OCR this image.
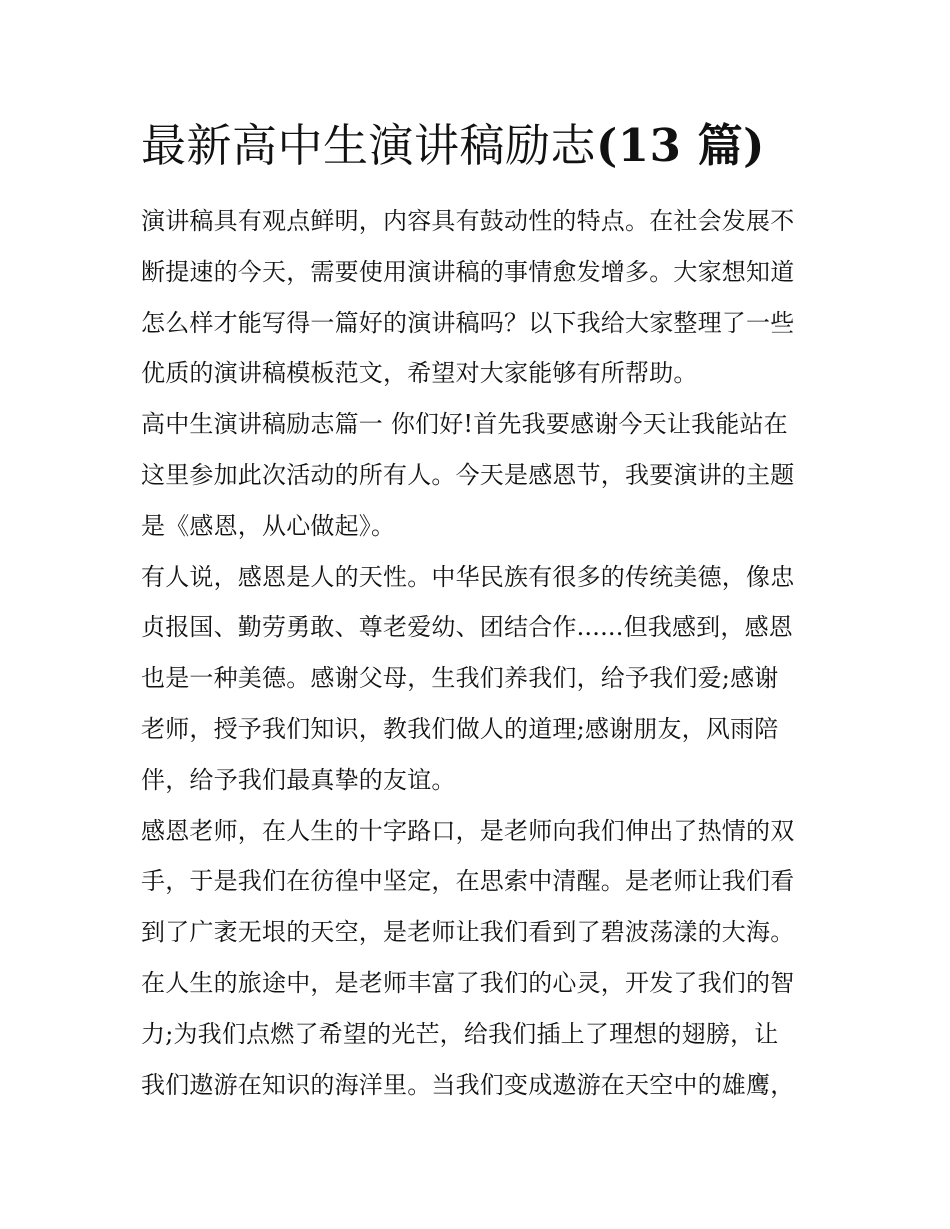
最新高中生演讲稿励志(13 篇)

演讲稿具有观点鲜明，内容具有鼓动性的特点。在社会发展不
断提速的今天，需要使用演讲稿的事情愈发增多。大家想知道
怎么样才能写得一篇好的演讲稿吗？以下我给大家整理了一些
优质的演讲稿模板范文，希望对大家能够有所帮助。

高中生演讲稿励志篇一 你们好!首先我要感谢今天让我能站在
这里参加此次活动的所有人。今天是感恩节，我要演讲的主题
是《感恩，从心做起》。

有人说，感恩是人的天性。中华民族有很多的传统美德，像忠
贞报国、勤劳勇敢、尊老爱幼、团结合作......但我感到，感恩
也是一种美德。感谢父母，生我们养我们，给予我们爱;感谢
老师，授予我们知识，教我们做人的道理;感谢朋友，风雨陪
伴，给予我们最真挚的友谊。

感恩老师，在人生的十字路口，是老师向我们伸出了热情的双
手，于是我们在彷徨中坚定，在思索中清醒。是老师让我们看
到了广袤无垠的天空，是老师让我们看到了碧波荡漾的大海。
在人生的旅途中，是老师丰富了我们的心灵，开发了我们的智
力;为我们点燃了希望的光芒，给我们插上了理想的翅膀，让
我们遨游在知识的海洋里。当我们变成遨游在天空中的雄鹰，
